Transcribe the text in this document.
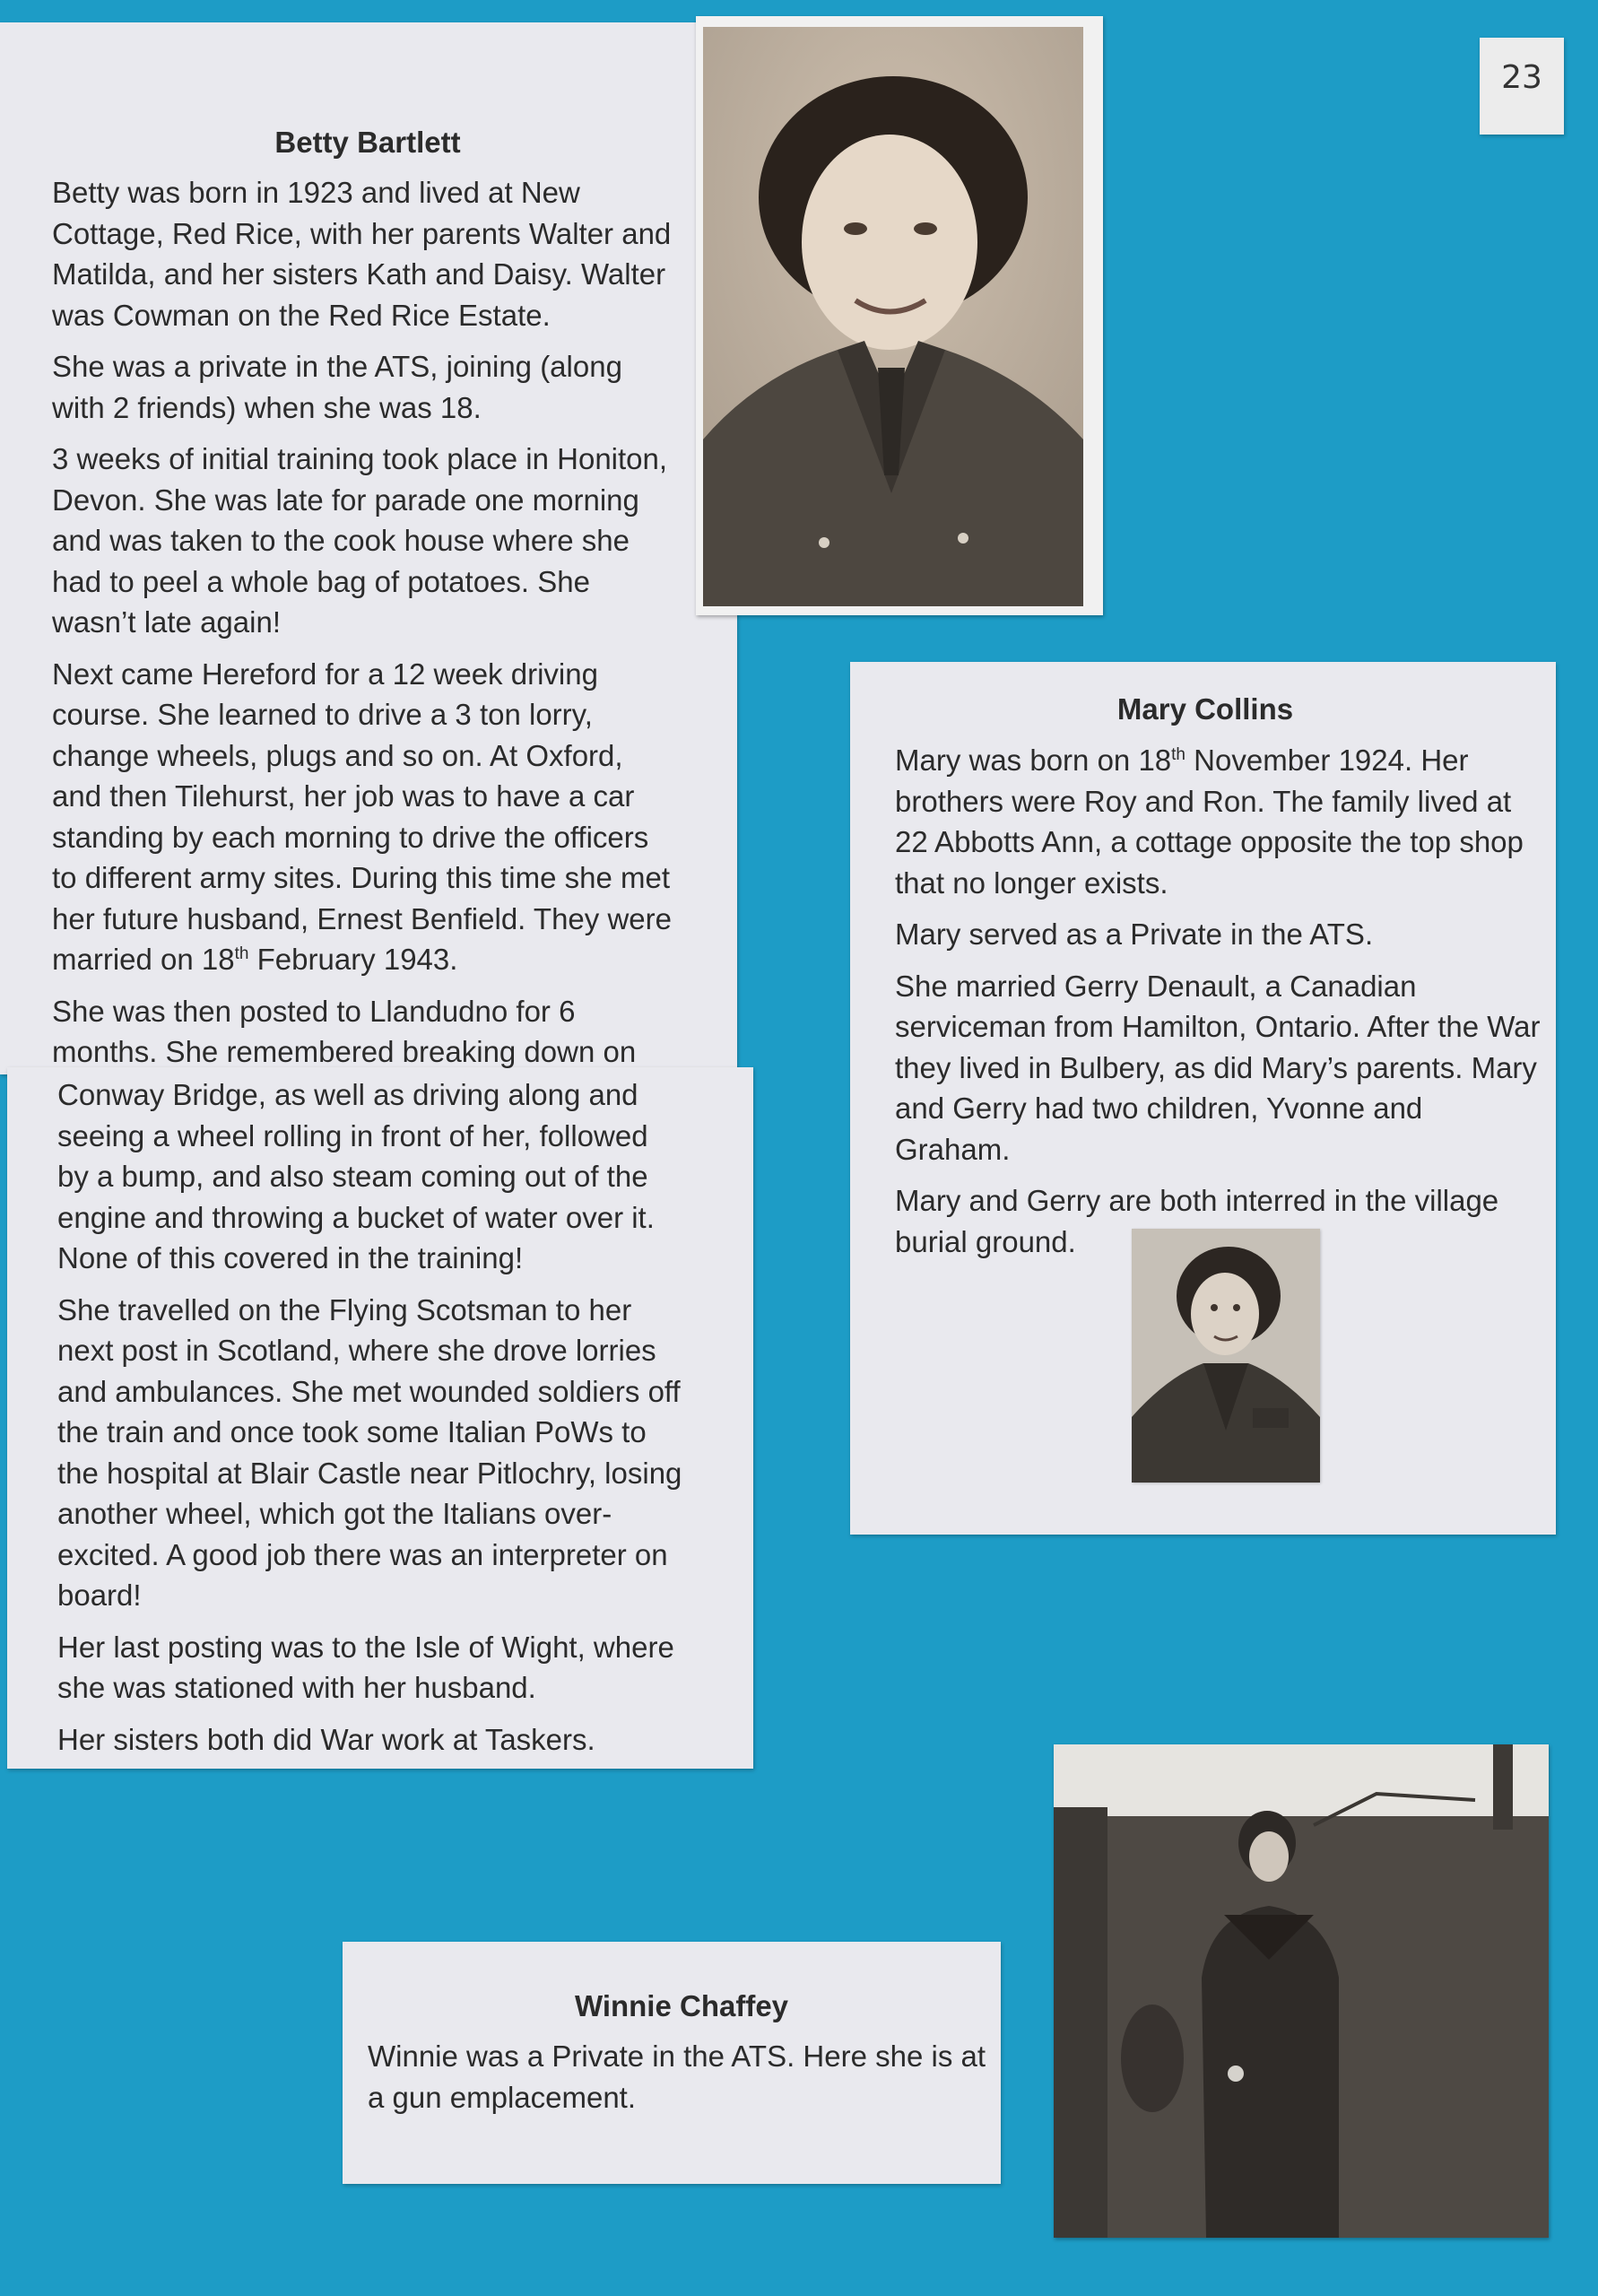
23
Betty Bartlett

Betty was born in 1923 and lived at New Cottage, Red Rice, with her parents Walter and Matilda, and her sisters Kath and Daisy. Walter was Cowman on the Red Rice Estate.

She was a private in the ATS, joining (along with 2 friends) when she was 18.

3 weeks of initial training took place in Honiton, Devon. She was late for parade one morning and was taken to the cook house where she had to peel a whole bag of potatoes. She wasn’t late again!

Next came Hereford for a 12 week driving course. She learned to drive a 3 ton lorry, change wheels, plugs and so on. At Oxford, and then Tilehurst, her job was to have a car standing by each morning to drive the officers to different army sites. During this time she met her future husband, Ernest Benfield. They were married on 18th February 1943.

She was then posted to Llandudno for 6 months. She remembered breaking down on

Conway Bridge, as well as driving along and seeing a wheel rolling in front of her, followed by a bump, and also steam coming out of the engine and throwing a bucket of water over it. None of this covered in the training!

She travelled on the Flying Scotsman to her next post in Scotland, where she drove lorries and ambulances. She met wounded soldiers off the train and once took some Italian PoWs to the hospital at Blair Castle near Pitlochry, losing another wheel, which got the Italians over-excited. A good job there was an interpreter on board!

Her last posting was to the Isle of Wight, where she was stationed with her husband.

Her sisters both did War work at Taskers.

Mary Collins

Mary was born on 18th November 1924. Her brothers were Roy and Ron. The family lived at 22 Abbotts Ann, a cottage opposite the top shop that no longer exists.

Mary served as a Private in the ATS.

She married Gerry Denault, a Canadian serviceman from Hamilton, Ontario. After the War they lived in Bulbery, as did Mary’s parents. Mary and Gerry had two children, Yvonne and Graham.

Mary and Gerry are both interred in the village burial ground.

Winnie Chaffey

Winnie was a Private in the ATS. Here she is at a gun emplacement.
